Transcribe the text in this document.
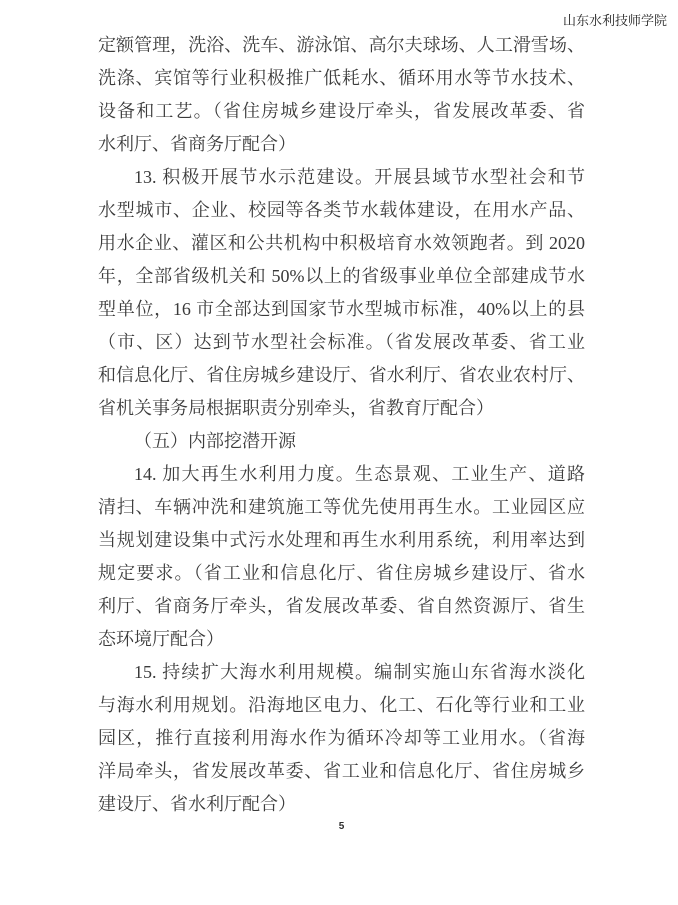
山东水利技师学院
定额管理，洗浴、洗车、游泳馆、高尔夫球场、人工滑雪场、
洗涤、宾馆等行业积极推广低耗水、循环用水等节水技术、
设备和工艺。（省住房城乡建设厅牵头，省发展改革委、省
水利厅、省商务厅配合）
13. 积极开展节水示范建设。开展县域节水型社会和节
水型城市、企业、校园等各类节水载体建设，在用水产品、
用水企业、灌区和公共机构中积极培育水效领跑者。到 2020
年，全部省级机关和 50%以上的省级事业单位全部建成节水
型单位，16 市全部达到国家节水型城市标准，40%以上的县
（市、区）达到节水型社会标准。（省发展改革委、省工业
和信息化厅、省住房城乡建设厅、省水利厅、省农业农村厅、
省机关事务局根据职责分别牵头，省教育厅配合）
（五）内部挖潜开源
14. 加大再生水利用力度。生态景观、工业生产、道路
清扫、车辆冲洗和建筑施工等优先使用再生水。工业园区应
当规划建设集中式污水处理和再生水利用系统，利用率达到
规定要求。（省工业和信息化厅、省住房城乡建设厅、省水
利厅、省商务厅牵头，省发展改革委、省自然资源厅、省生
态环境厅配合）
15. 持续扩大海水利用规模。编制实施山东省海水淡化
与海水利用规划。沿海地区电力、化工、石化等行业和工业
园区，推行直接利用海水作为循环冷却等工业用水。（省海
洋局牵头，省发展改革委、省工业和信息化厅、省住房城乡
建设厅、省水利厅配合）
5
